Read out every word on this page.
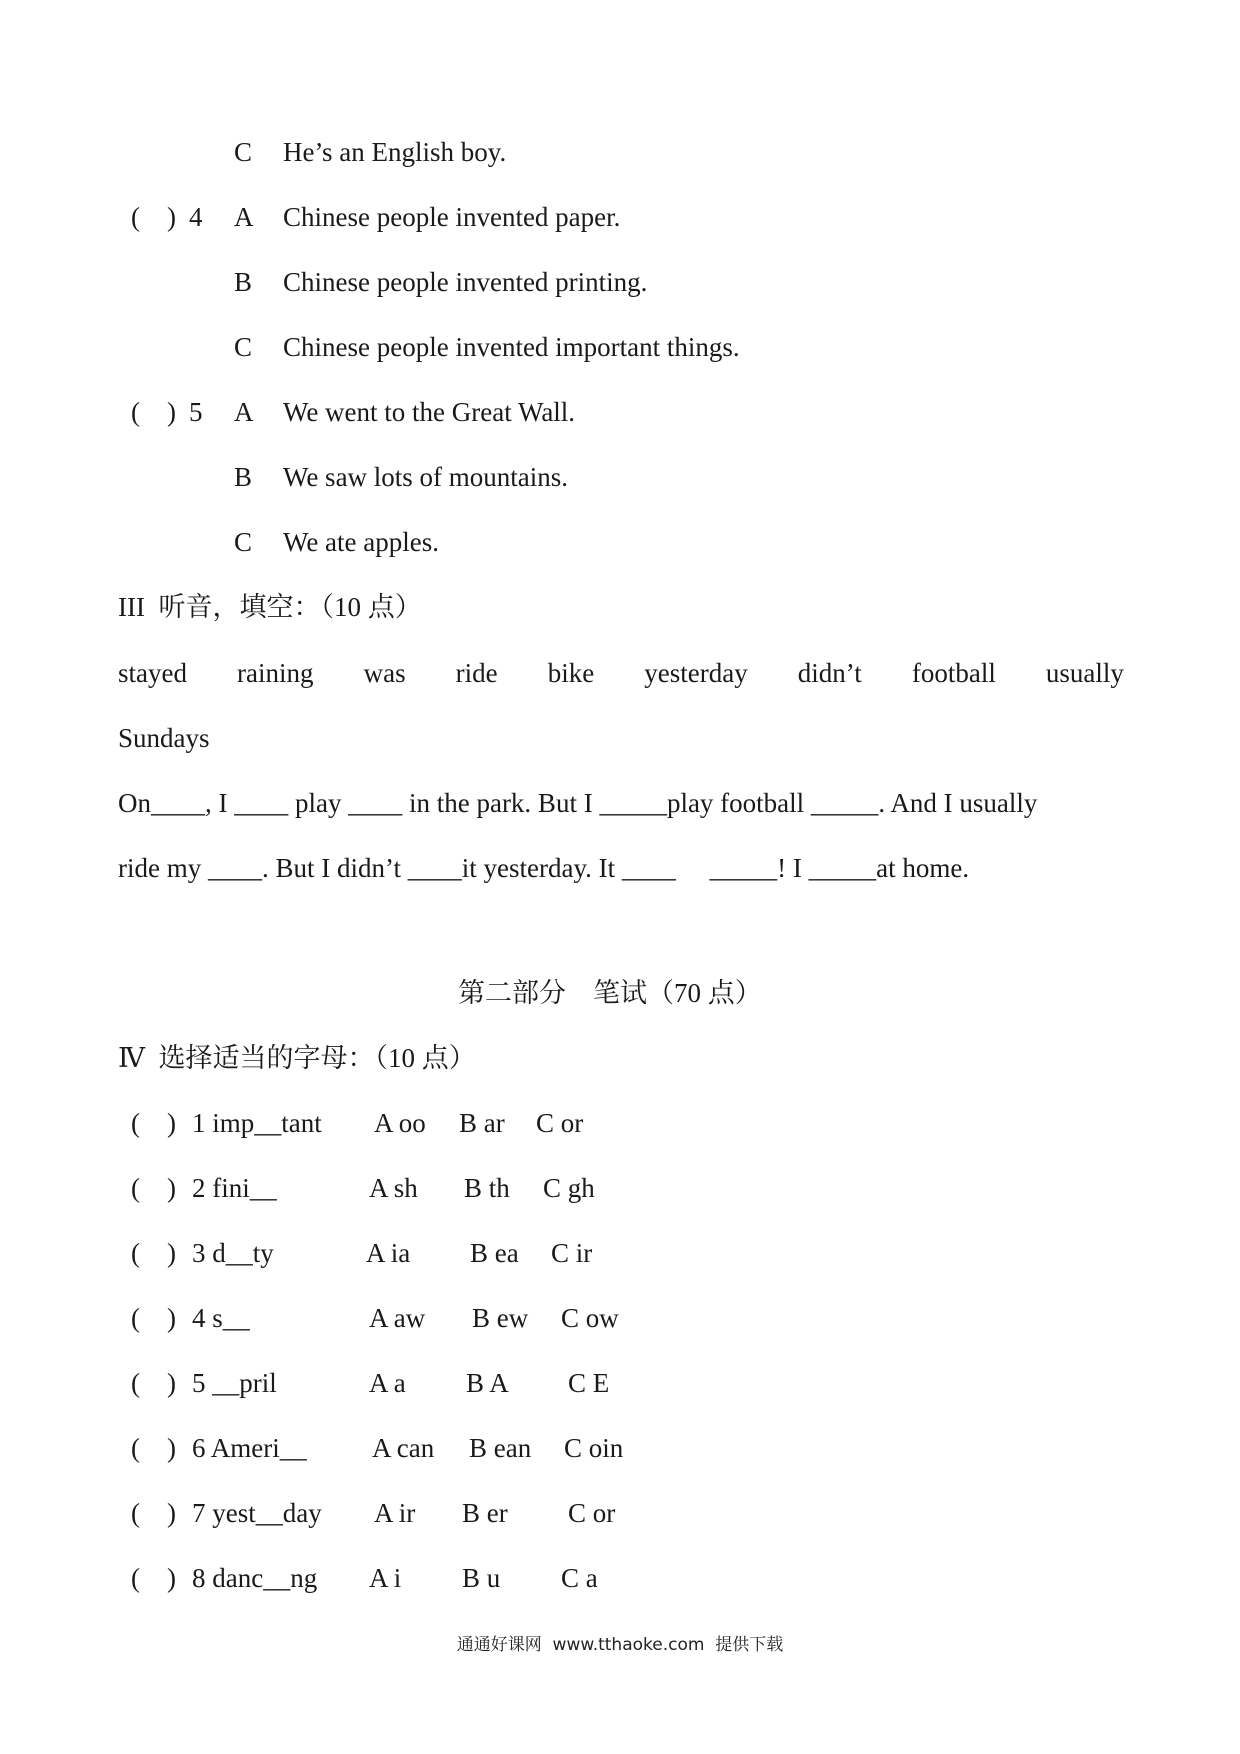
C He’s an English boy.
(    ) 4 A Chinese people invented paper.
B Chinese people invented printing.
C Chinese people invented important things.
(    ) 5 A We went to the Great Wall.
B We saw lots of mountains.
C We ate apples.
III  听音，填空：（10 点）
stayed raining was ride bike yesterday didn’t football usually
Sundays
On____, I ____ play ____ in the park. But I _____play football _____. And I usually
ride my ____. But I didn’t ____it yesterday. It ____     _____! I _____at home.
第二部分    笔试（70 点）
Ⅳ  选择适当的字母：（10 点）
(    ) 1 imp__tant A oo B ar C or
(    ) 2 fini__	A sh B th C gh
(    ) 3 d__ty	A ia B ea C ir
(    ) 4 s__	A aw B ew C ow
(    ) 5 __pril	A a B A C E
(    ) 6 Ameri__ A can B ean C oin
(    ) 7 yest__day A ir B er C or
(    ) 8 danc__ng A i B u C a
通通好课网  www.tthaoke.com  提供下载
